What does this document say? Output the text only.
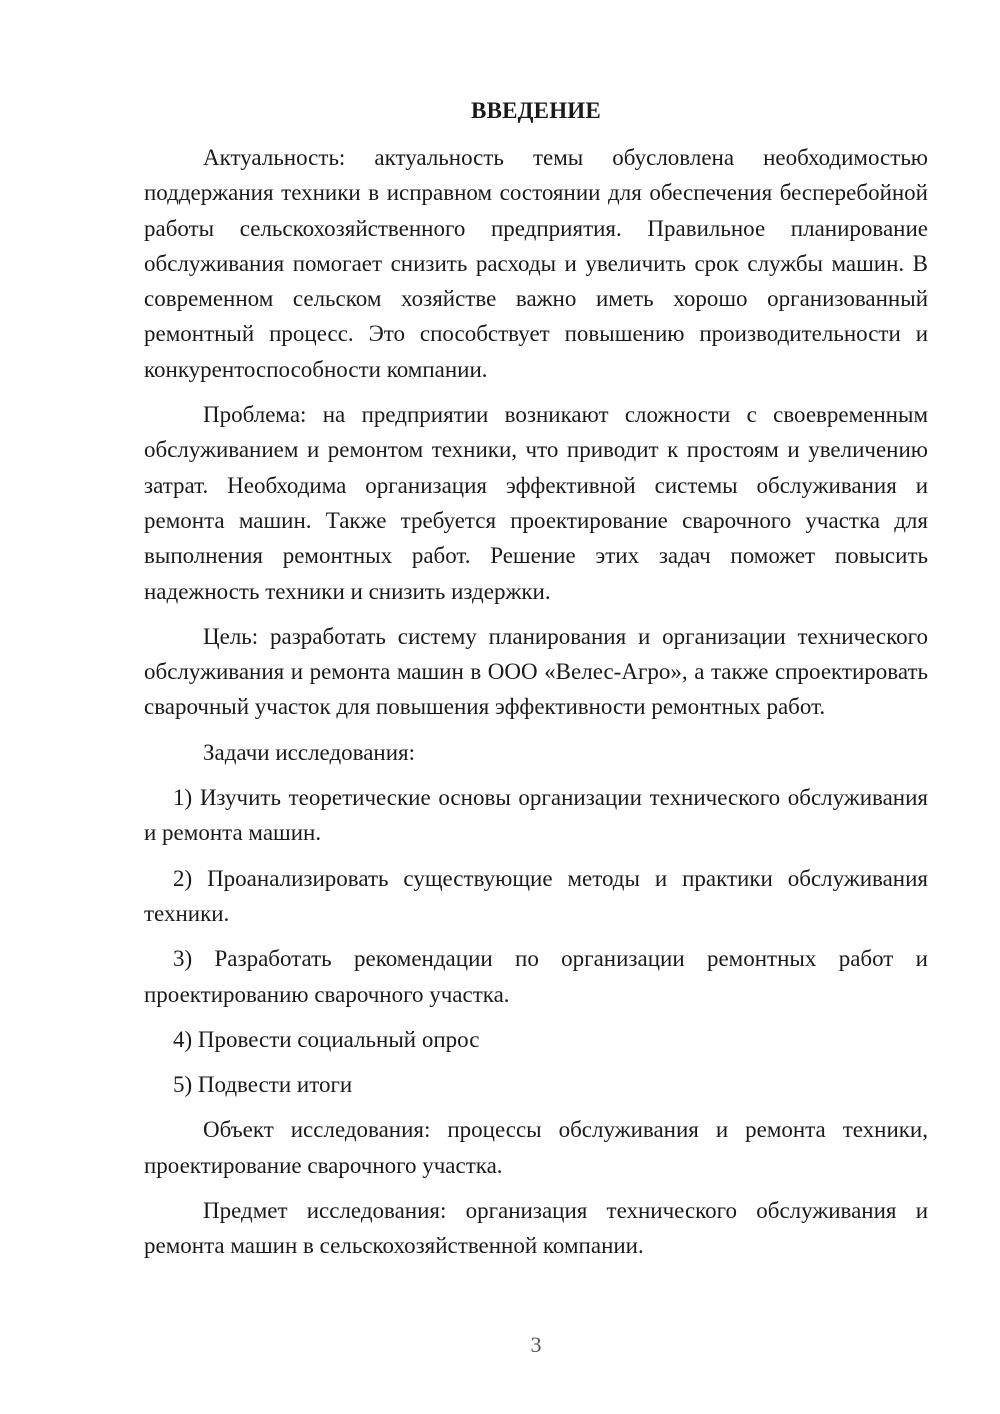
ВВЕДЕНИЕ

Актуальность: актуальность темы обусловлена необходимостью поддержания техники в исправном состоянии для обеспечения бесперебойной работы сельскохозяйственного предприятия. Правильное планирование обслуживания помогает снизить расходы и увеличить срок службы машин. В современном сельском хозяйстве важно иметь хорошо организованный ремонтный процесс. Это способствует повышению производительности и конкурентоспособности компании.

Проблема: на предприятии возникают сложности с своевременным обслуживанием и ремонтом техники, что приводит к простоям и увеличению затрат. Необходима организация эффективной системы обслуживания и ремонта машин. Также требуется проектирование сварочного участка для выполнения ремонтных работ. Решение этих задач поможет повысить надежность техники и снизить издержки.

Цель: разработать систему планирования и организации технического обслуживания и ремонта машин в ООО «Велес-Агро», а также спроектировать сварочный участок для повышения эффективности ремонтных работ.

Задачи исследования:

1) Изучить теоретические основы организации технического обслуживания и ремонта машин.

2) Проанализировать существующие методы и практики обслуживания техники.

3) Разработать рекомендации по организации ремонтных работ и проектированию сварочного участка.

4) Провести социальный опрос

5) Подвести итоги

Объект исследования: процессы обслуживания и ремонта техники, проектирование сварочного участка.

Предмет исследования: организация технического обслуживания и ремонта машин в сельскохозяйственной компании.

3
